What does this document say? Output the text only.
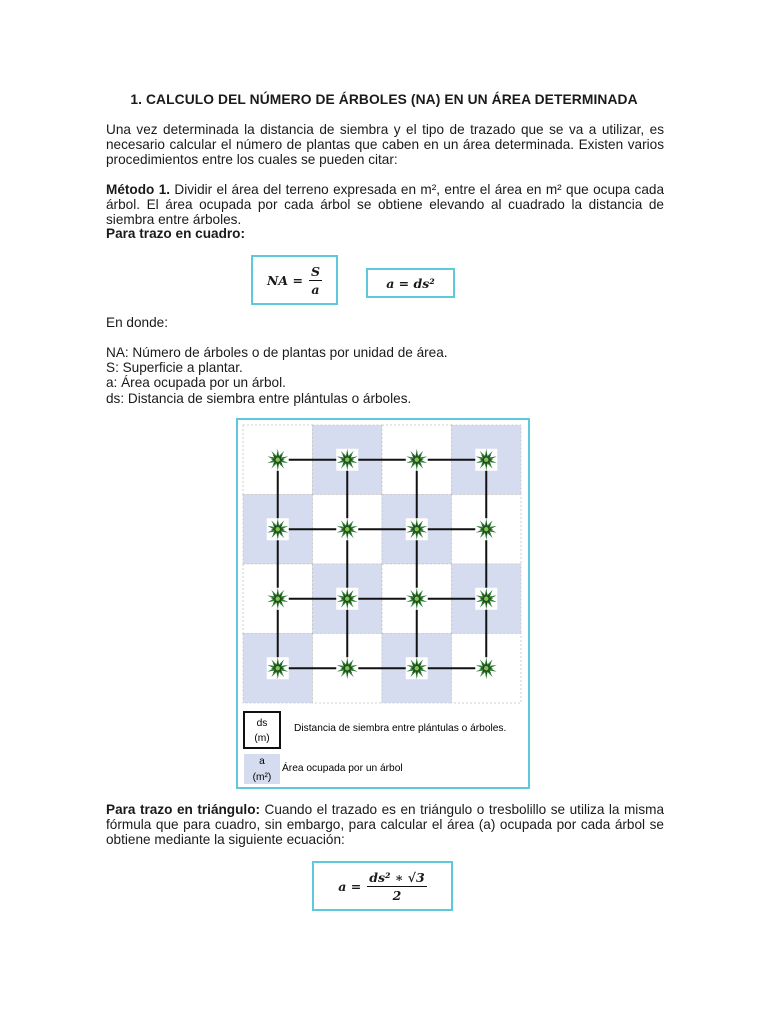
1. CALCULO DEL NÚMERO DE ÁRBOLES (NA) EN UN ÁREA DETERMINADA

Una vez determinada la distancia de siembra y el tipo de trazado que se va a utilizar, es necesario calcular el número de plantas que caben en un área determinada. Existen varios procedimientos entre los cuales se pueden citar:

Método 1. Dividir el área del terreno expresada en m², entre el área en m² que ocupa cada árbol. El área ocupada por cada árbol se obtiene elevando al cuadrado la distancia de siembra entre árboles.

Para trazo en cuadro:
NA = $\frac{S}{a}$	a = ds²
En donde:

NA: Número de árboles o de plantas por unidad de área.

S: Superficie a plantar.

a: Área ocupada por un árbol.

ds: Distancia de siembra entre plántulas o árboles.

ds
(m)
Distancia de siembra entre plántulas o árboles.
a
(m²)
Área ocupada por un árbol

Para trazo en triángulo: Cuando el trazado es en triángulo o tresbolillo se utiliza la misma fórmula que para cuadro, sin embargo, para calcular el área (a) ocupada por cada árbol se obtiene mediante la siguiente ecuación:

$a = \frac{\text{ds² ∗ √3}}{2}$
